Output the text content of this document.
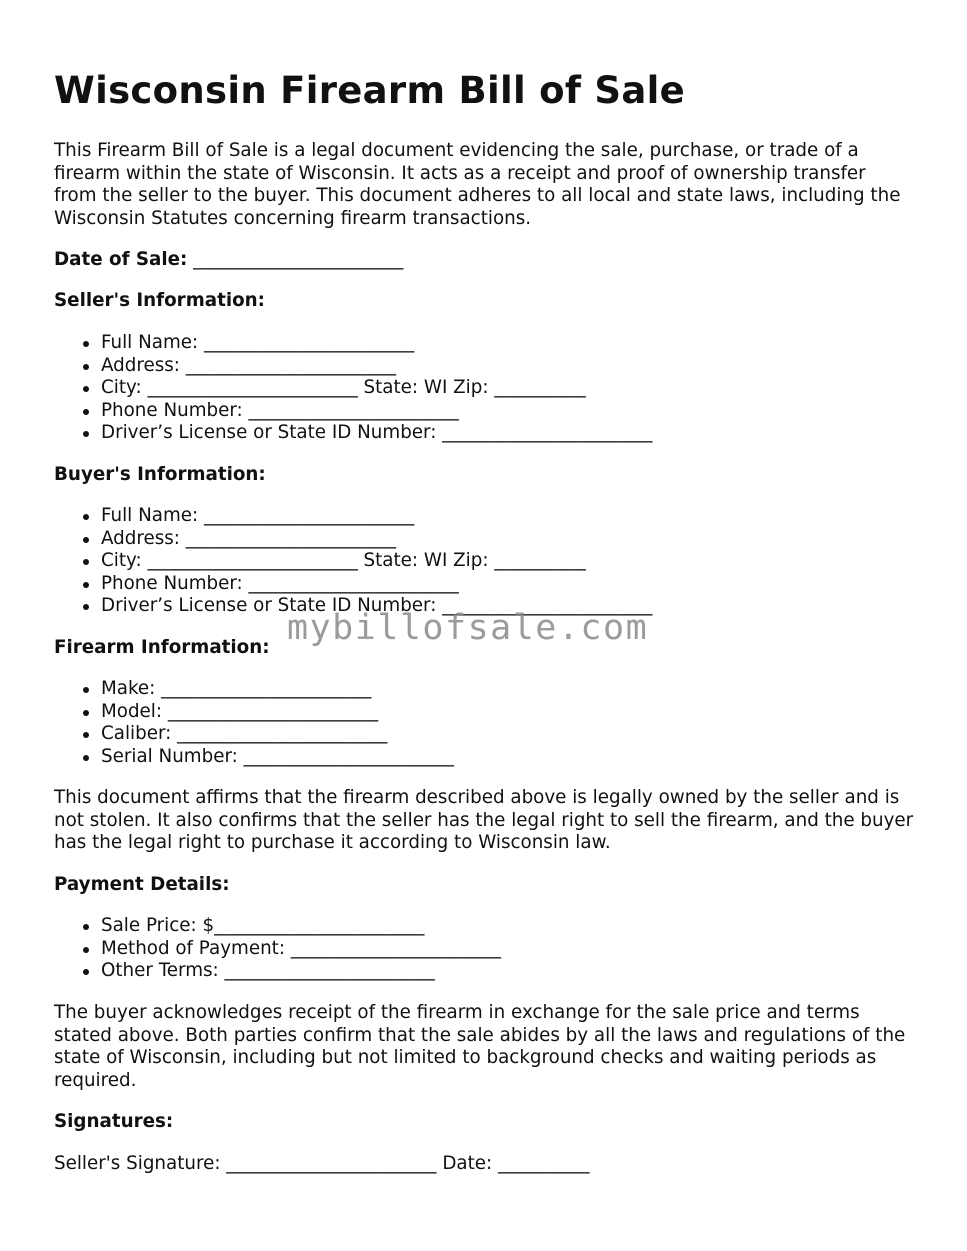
Wisconsin Firearm Bill of Sale

This Firearm Bill of Sale is a legal document evidencing the sale, purchase, or trade of a firearm within the state of Wisconsin. It acts as a receipt and proof of ownership transfer from the seller to the buyer. This document adheres to all local and state laws, including the Wisconsin Statutes concerning firearm transactions.

Date of Sale: _______________________
Seller's Information:
Full Name: _______________________
Address: _______________________
City: _______________________ State: WI Zip: __________
Phone Number: _______________________
Driver’s License or State ID Number: _______________________
Buyer's Information:
Full Name: _______________________
Address: _______________________
City: _______________________ State: WI Zip: __________
Phone Number: _______________________
Driver’s License or State ID Number: _______________________
Firearm Information:
Make: _______________________
Model: _______________________
Caliber: _______________________
Serial Number: _______________________

This document affirms that the firearm described above is legally owned by the seller and is not stolen. It also confirms that the seller has the legal right to sell the firearm, and the buyer has the legal right to purchase it according to Wisconsin law.

Payment Details:
Sale Price: $_______________________
Method of Payment: _______________________
Other Terms: _______________________

The buyer acknowledges receipt of the firearm in exchange for the sale price and terms stated above. Both parties confirm that the sale abides by all the laws and regulations of the state of Wisconsin, including but not limited to background checks and waiting periods as required.

Signatures:
Seller's Signature: _______________________ Date: __________
mybillofsale.com
